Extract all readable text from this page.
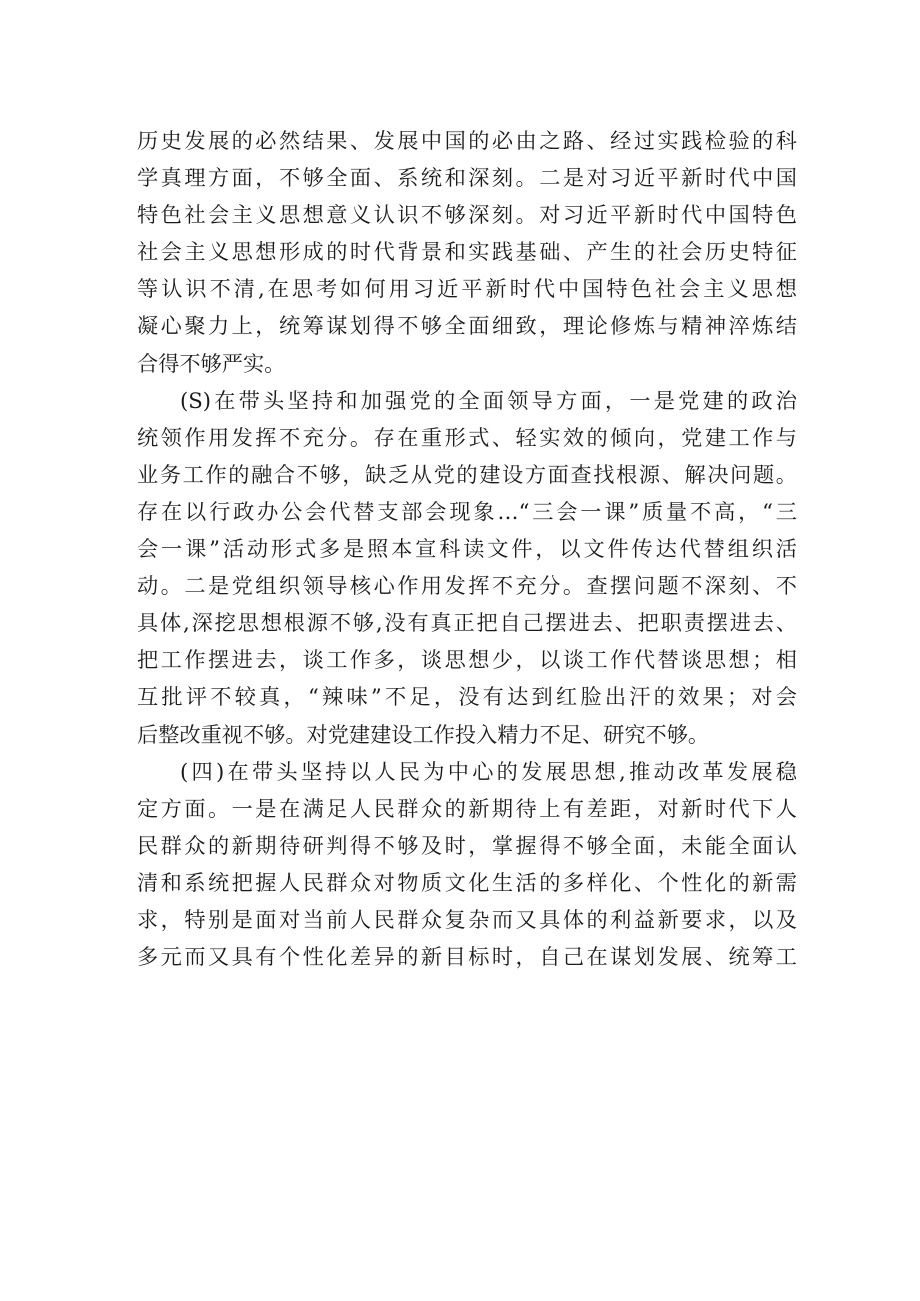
历史发展的必然结果、发展中国的必由之路、经过实践检验的科
学真理方面，不够全面、系统和深刻。二是对习近平新时代中国
特色社会主义思想意义认识不够深刻。对习近平新时代中国特色
社会主义思想形成的时代背景和实践基础、产生的社会历史特征
等认识不清,在思考如何用习近平新时代中国特色社会主义思想
凝心聚力上，统筹谋划得不够全面细致，理论修炼与精神淬炼结
合得不够严实。
(S)在带头坚持和加强党的全面领导方面，一是党建的政治
统领作用发挥不充分。存在重形式、轻实效的倾向，党建工作与
业务工作的融合不够，缺乏从党的建设方面查找根源、解决问题。
存在以行政办公会代替支部会现象…“三会一课”质量不高，“三
会一课”活动形式多是照本宣科读文件，以文件传达代替组织活
动。二是党组织领导核心作用发挥不充分。查摆问题不深刻、不
具体,深挖思想根源不够,没有真正把自己摆进去、把职责摆进去、
把工作摆进去，谈工作多，谈思想少，以谈工作代替谈思想；相
互批评不较真，“辣味”不足，没有达到红脸出汗的效果；对会
后整改重视不够。对党建建设工作投入精力不足、研究不够。
(四)在带头坚持以人民为中心的发展思想,推动改革发展稳
定方面。一是在满足人民群众的新期待上有差距，对新时代下人
民群众的新期待研判得不够及时，掌握得不够全面，未能全面认
清和系统把握人民群众对物质文化生活的多样化、个性化的新需
求，特别是面对当前人民群众复杂而又具体的利益新要求，以及
多元而又具有个性化差异的新目标时，自己在谋划发展、统筹工
